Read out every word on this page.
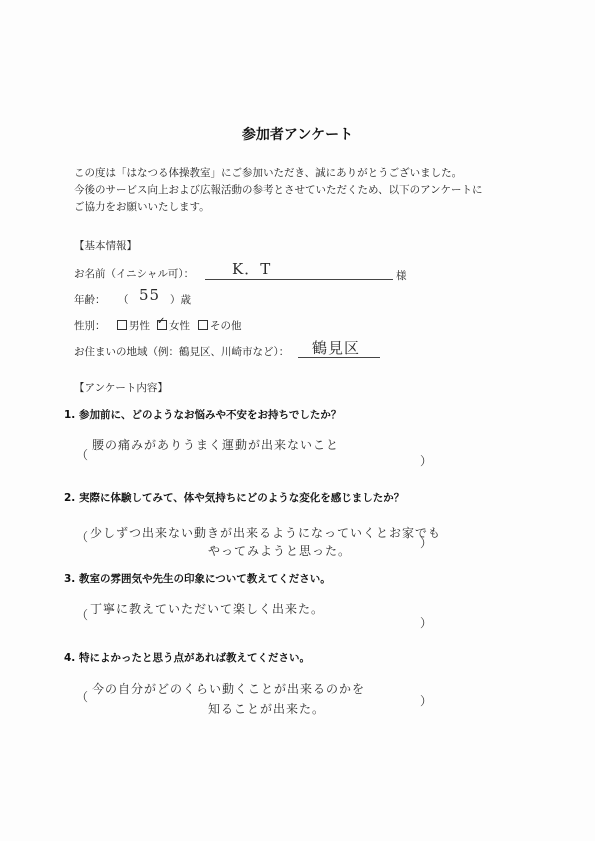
参加者アンケート
この度は「はなつる体操教室」にご参加いただき、誠にありがとうございました。
今後のサービス向上および広報活動の参考とさせていただくため、以下のアンケートに
ご協力をお願いいたします。
【基本情報】
お名前（イニシャル可）：	K．T	様
年齢： （ 55 ）歳
性別：	男性
✓	女性	その他
お住まいの地域（例：鶴見区、川崎市など）： 鶴見区
【アンケート内容】
1. 参加前に、どのようなお悩みや不安をお持ちでしたか？
（
腰の痛みがありうまく運動が出来ないこと
）
2. 実際に体験してみて、体や気持ちにどのような変化を感じましたか？
（ 少しずつ出来ない動きが出来るようになっていくとお家でも
やってみようと思った。
）
3. 教室の雰囲気や先生の印象について教えてください。
（ 丁寧に教えていただいて楽しく出来た。
）
4. 特によかったと思う点があれば教えてください。
（
今の自分がどのくらい動くことが出来るのかを
知ることが出来た。
）
